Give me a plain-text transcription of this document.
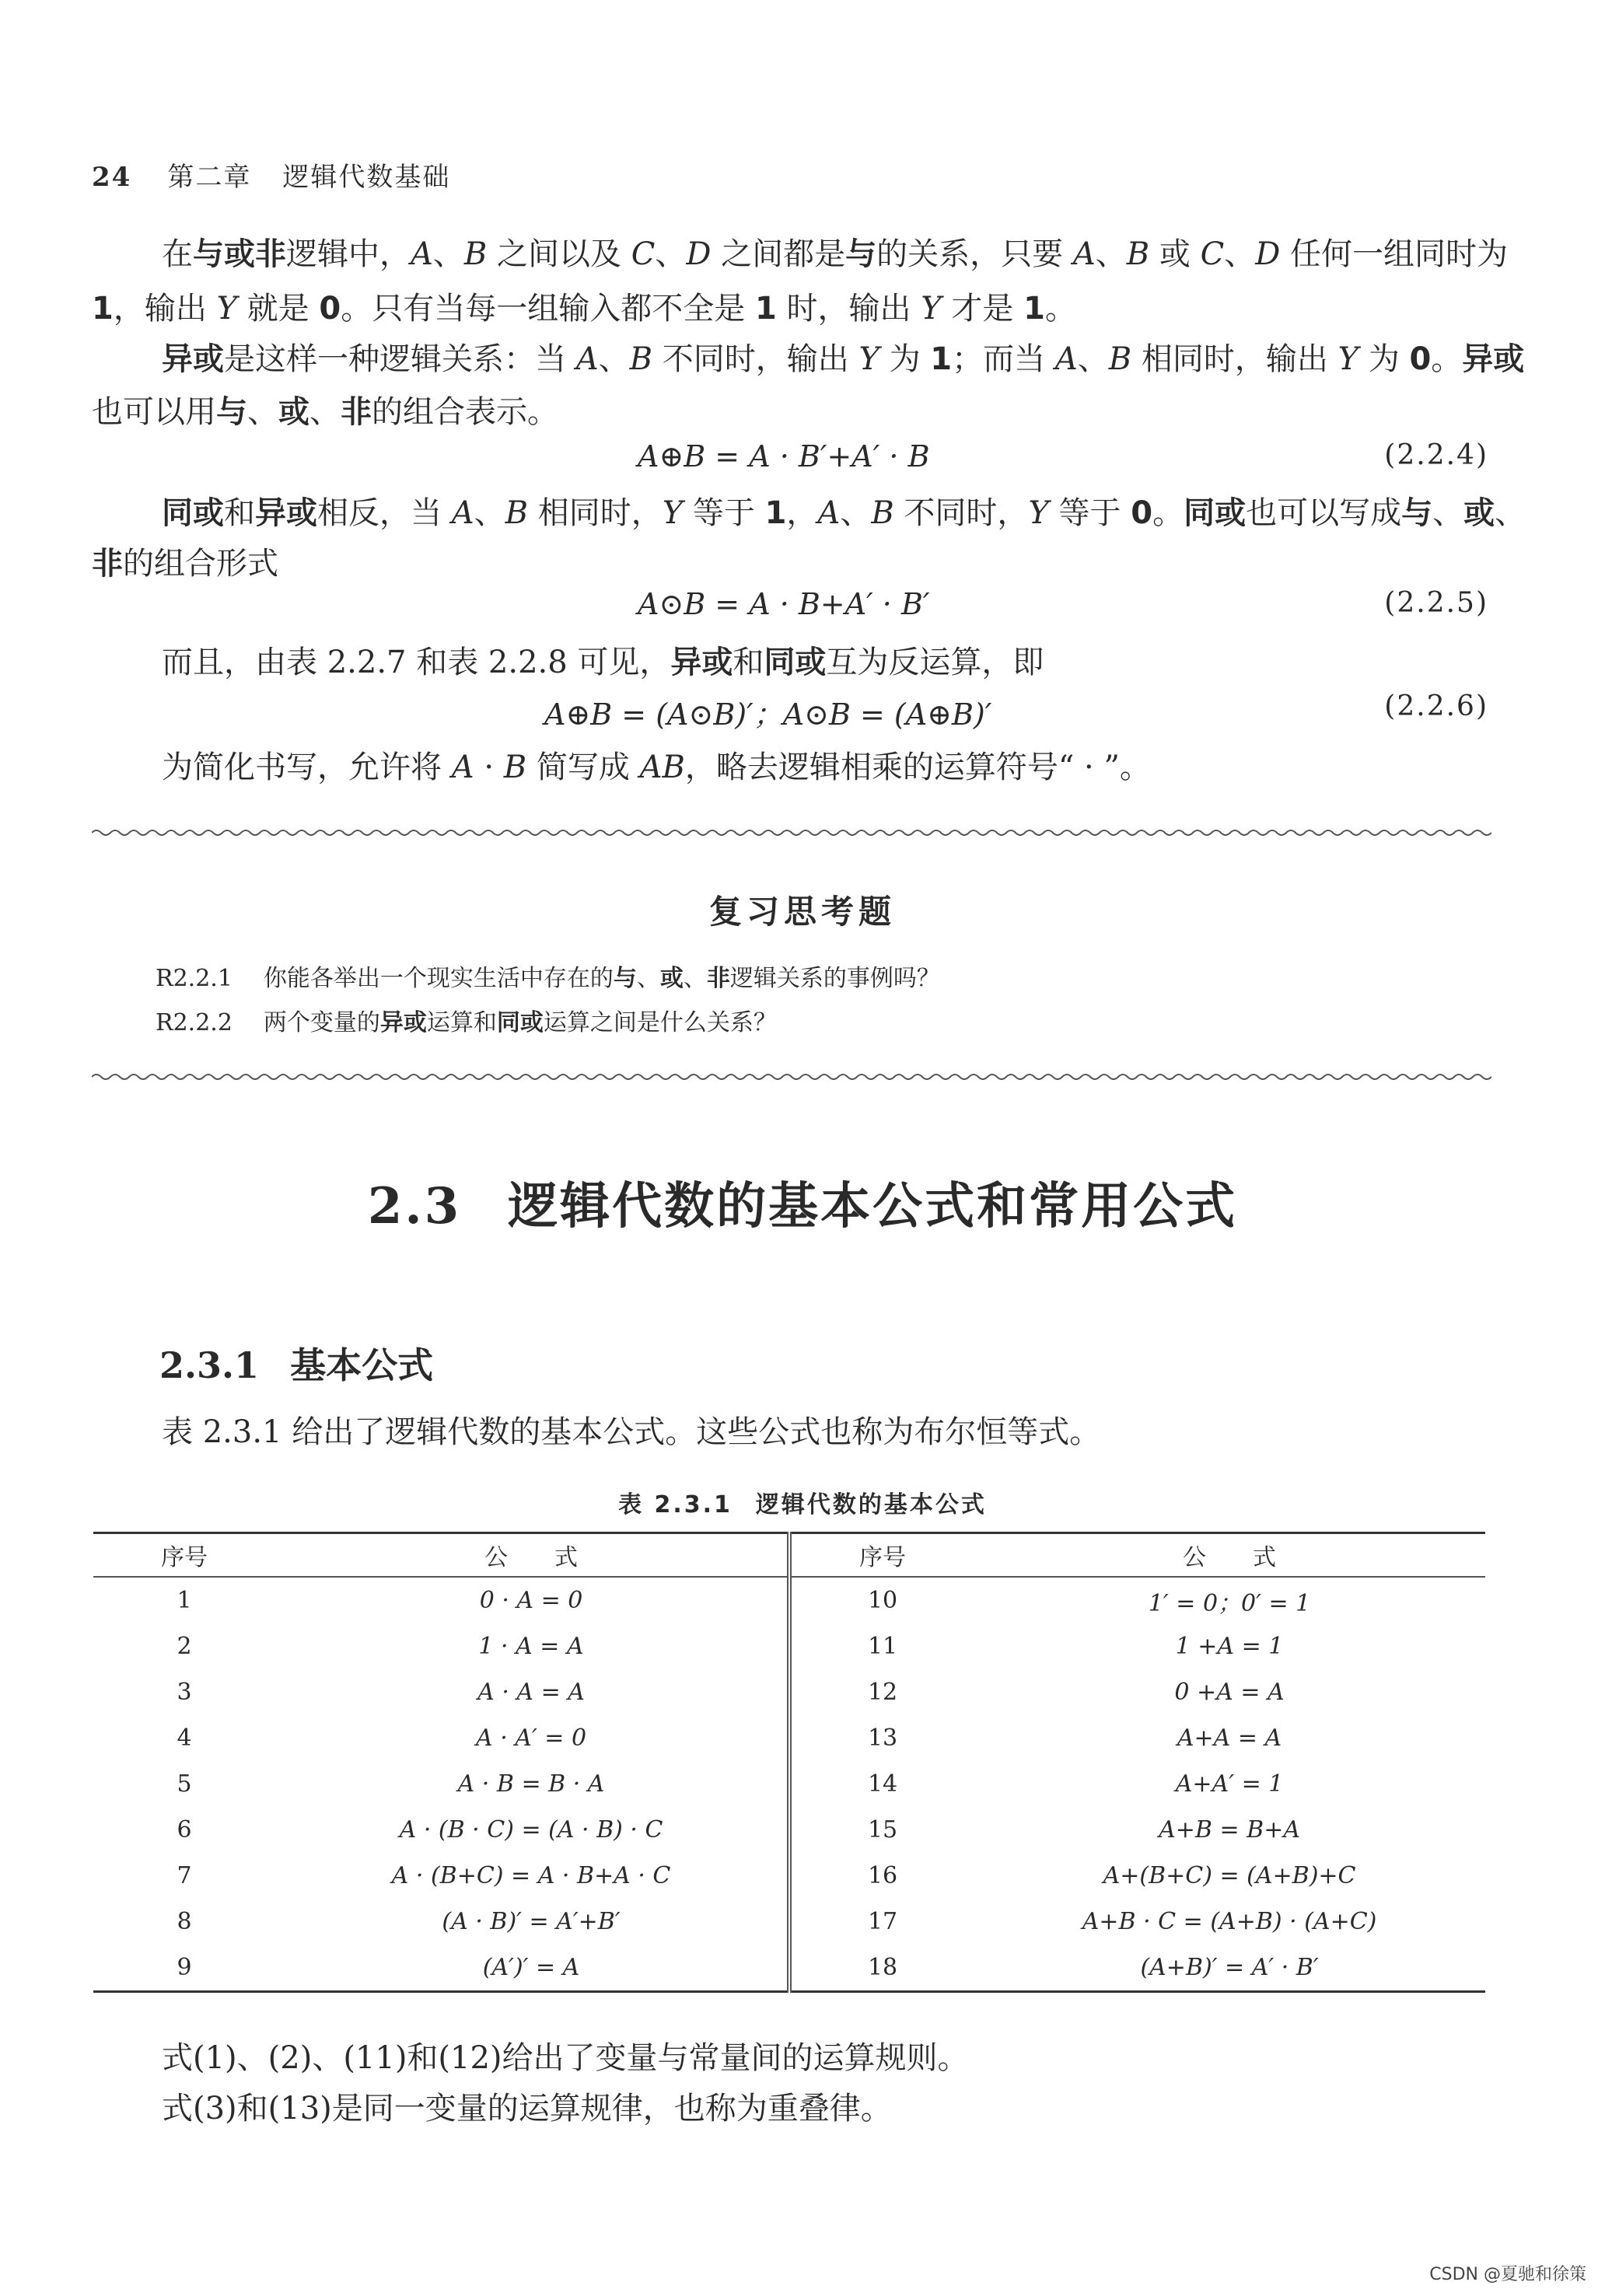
24 第二章 逻辑代数基础
在与或非逻辑中，A、B 之间以及 C、D 之间都是与的关系，只要 A、B 或 C、D 任何一组同时为
1，输出 Y 就是 0。只有当每一组输入都不全是 1 时，输出 Y 才是 1。
异或是这样一种逻辑关系：当 A、B 不同时，输出 Y 为 1；而当 A、B 相同时，输出 Y 为 0。异或
也可以用与、或、非的组合表示。
A⊕B = A · B′+A′ · B	(2.2.4)
同或和异或相反，当 A、B 相同时，Y 等于 1，A、B 不同时，Y 等于 0。同或也可以写成与、或、
非的组合形式
A⊙B = A · B+A′ · B′	(2.2.5)
而且，由表 2.2.7 和表 2.2.8 可见，异或和同或互为反运算，即
A⊕B = (A⊙B)′；A⊙B = (A⊕B)′	(2.2.6)
为简化书写，允许将 A · B 简写成 AB，略去逻辑相乘的运算符号“ · ”。
复习思考题
R2.2.1 你能各举出一个现实生活中存在的与、或、非逻辑关系的事例吗？
R2.2.2 两个变量的异或运算和同或运算之间是什么关系？
2.3 逻辑代数的基本公式和常用公式
2.3.1 基本公式
表 2.3.1 给出了逻辑代数的基本公式。这些公式也称为布尔恒等式。
表 2.3.1 逻辑代数的基本公式
序号	公　　式	序号	公　　式
1	0 · A = 0	10	1′ = 0；0′ = 1
2	1 · A = A	11	1 +A = 1
3	A · A = A	12	0 +A = A
4	A · A′ = 0	13	A+A = A
5	A · B = B · A	14	A+A′ = 1
6	A · (B · C) = (A · B) · C	15	A+B = B+A
7	A · (B+C) = A · B+A · C	16	A+(B+C) = (A+B)+C
8	(A · B)′ = A′+B′	17	A+B · C = (A+B) · (A+C)
9	(A′)′ = A	18	(A+B)′ = A′ · B′
式(1)、(2)、(11)和(12)给出了变量与常量间的运算规则。
式(3)和(13)是同一变量的运算规律，也称为重叠律。
CSDN @夏驰和徐策
